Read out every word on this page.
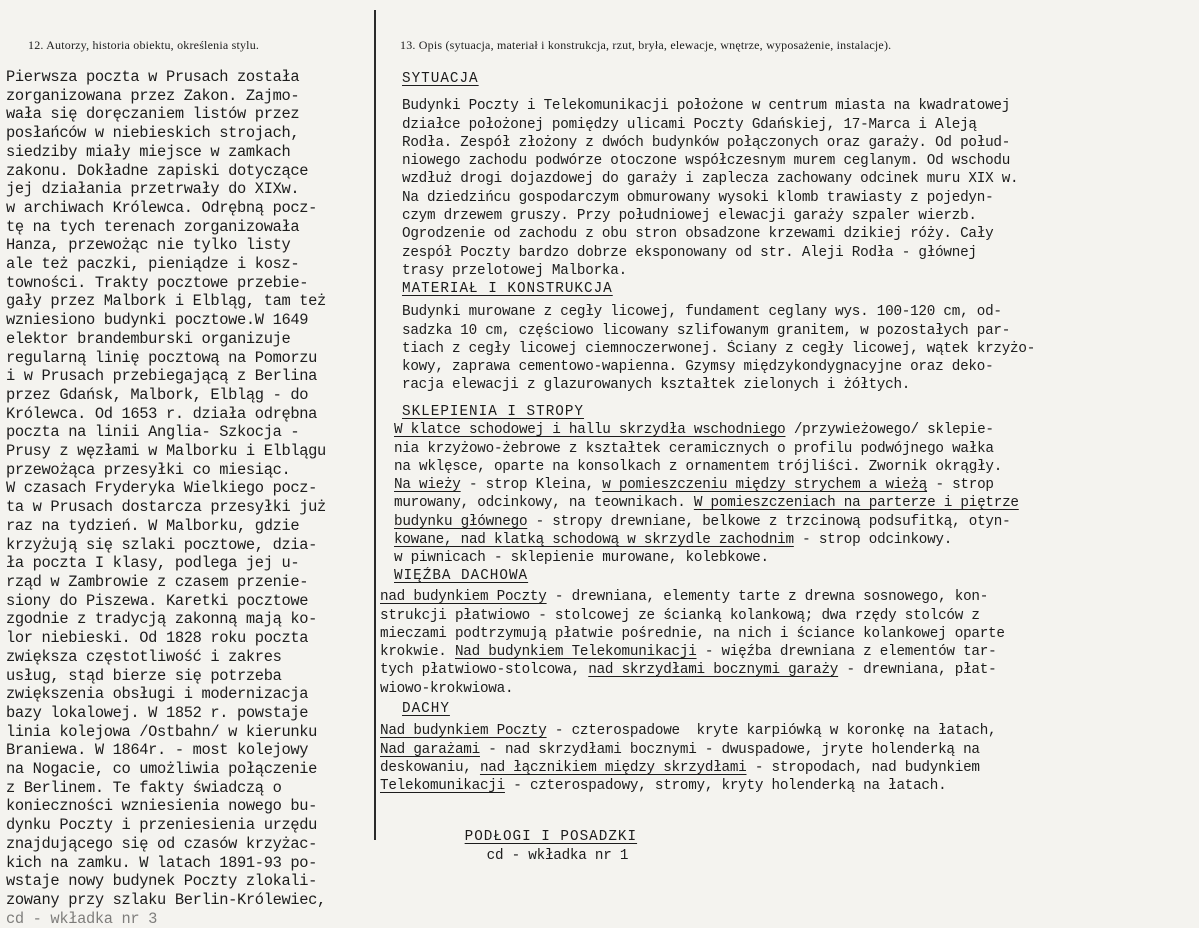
12. Autorzy, historia obiektu, określenia stylu.	13. Opis (sytuacja, materiał i konstrukcja, rzut, bryła, elewacje, wnętrze, wyposażenie, instalacje).
Pierwsza poczta w Prusach została
zorganizowana przez Zakon. Zajmo-
wała się doręczaniem listów przez
posłańców w niebieskich strojach,
siedziby miały miejsce w zamkach
zakonu. Dokładne zapiski dotyczące
jej działania przetrwały do XIXw.
w archiwach Królewca. Odrębną pocz-
tę na tych terenach zorganizowała
Hanza, przewożąc nie tylko listy
ale też paczki, pieniądze i kosz-
towności. Trakty pocztowe przebie-
gały przez Malbork i Elbląg, tam też
wzniesiono budynki pocztowe.W 1649
elektor brandemburski organizuje
regularną linię pocztową na Pomorzu
i w Prusach przebiegającą z Berlina
przez Gdańsk, Malbork, Elbląg - do
Królewca. Od 1653 r. działa odrębna
poczta na linii Anglia- Szkocja -
Prusy z węzłami w Malborku i Elblągu
przewożąca przesyłki co miesiąc.
W czasach Fryderyka Wielkiego pocz-
ta w Prusach dostarcza przesyłki już
raz na tydzień. W Malborku, gdzie
krzyżują się szlaki pocztowe, dzia-
ła poczta I klasy, podlega jej u-
rząd w Zambrowie z czasem przenie-
siony do Piszewa. Karetki pocztowe
zgodnie z tradycją zakonną mają ko-
lor niebieski. Od 1828 roku poczta
zwiększa częstotliwość i zakres
usług, stąd bierze się potrzeba
zwiększenia obsługi i modernizacja
bazy lokalowej. W 1852 r. powstaje
linia kolejowa /Ostbahn/ w kierunku
Braniewa. W 1864r. - most kolejowy
na Nogacie, co umożliwia połączenie
z Berlinem. Te fakty świadczą o
konieczności wzniesienia nowego bu-
dynku Poczty i przeniesienia urzędu
znajdującego się od czasów krzyżac-
kich na zamku. W latach 1891-93 po-
wstaje nowy budynek Poczty zlokali-
zowany przy szlaku Berlin-Królewiec,
cd - wkładka nr 3
SYTUACJA
Budynki Poczty i Telekomunikacji położone w centrum miasta na kwadratowej
działce położonej pomiędzy ulicami Poczty Gdańskiej, 17-Marca i Aleją
Rodła. Zespół złożony z dwóch budynków połączonych oraz garaży. Od połud-
niowego zachodu podwórze otoczone współczesnym murem ceglanym. Od wschodu
wzdłuż drogi dojazdowej do garaży i zaplecza zachowany odcinek muru XIX w.
Na dziedzińcu gospodarczym obmurowany wysoki klomb trawiasty z pojedyn-
czym drzewem gruszy. Przy południowej elewacji garaży szpaler wierzb.
Ogrodzenie od zachodu z obu stron obsadzone krzewami dzikiej róży. Cały
zespół Poczty bardzo dobrze eksponowany od str. Aleji Rodła - głównej
trasy przelotowej Malborka.
MATERIAŁ I KONSTRUKCJA
Budynki murowane z cegły licowej, fundament ceglany wys. 100-120 cm, od-
sadzka 10 cm, częściowo licowany szlifowanym granitem, w pozostałych par-
tiach z cegły licowej ciemnoczerwonej. Ściany z cegły licowej, wątek krzyżo-
kowy, zaprawa cementowo-wapienna. Gzymsy międzykondygnacyjne oraz deko-
racja elewacji z glazurowanych kształtek zielonych i żółtych.
SKLEPIENIA I STROPY
W klatce schodowej i hallu skrzydła wschodniego /przywieżowego/ sklepie-
nia krzyżowo-żebrowe z kształtek ceramicznych o profilu podwójnego wałka
na wklęsce, oparte na konsolkach z ornamentem trójliści. Zwornik okrągły.
Na wieży - strop Kleina, w pomieszczeniu między strychem a wieżą - strop
murowany, odcinkowy, na teownikach. W pomieszczeniach na parterze i piętrze
budynku głównego - stropy drewniane, belkowe z trzcinową podsufitką, otyn-
kowane, nad klatką schodową w skrzydle zachodnim - strop odcinkowy.
w piwnicach - sklepienie murowane, kolebkowe.
WIĘŹBA DACHOWA
nad budynkiem Poczty - drewniana, elementy tarte z drewna sosnowego, kon-
strukcji płatwiowo - stolcowej ze ścianką kolankową; dwa rzędy stolców z
mieczami podtrzymują płatwie pośrednie, na nich i ściance kolankowej oparte
krokwie. Nad budynkiem Telekomunikacji - więźba drewniana z elementów tar-
tych płatwiowo-stolcowa, nad skrzydłami bocznymi garaży - drewniana, płat-
wiowo-krokwiowa.
DACHY
Nad budynkiem Poczty - czterospadowe  kryte karpiówką w koronkę na łatach,
Nad garażami - nad skrzydłami bocznymi - dwuspadowe, jryte holenderką na
deskowaniu, nad łącznikiem między skrzydłami - stropodach, nad budynkiem
Telekomunikacji - czterospadowy, stromy, kryty holenderką na łatach.

PODŁOGI I POSADZKI
cd - wkładka nr 1
